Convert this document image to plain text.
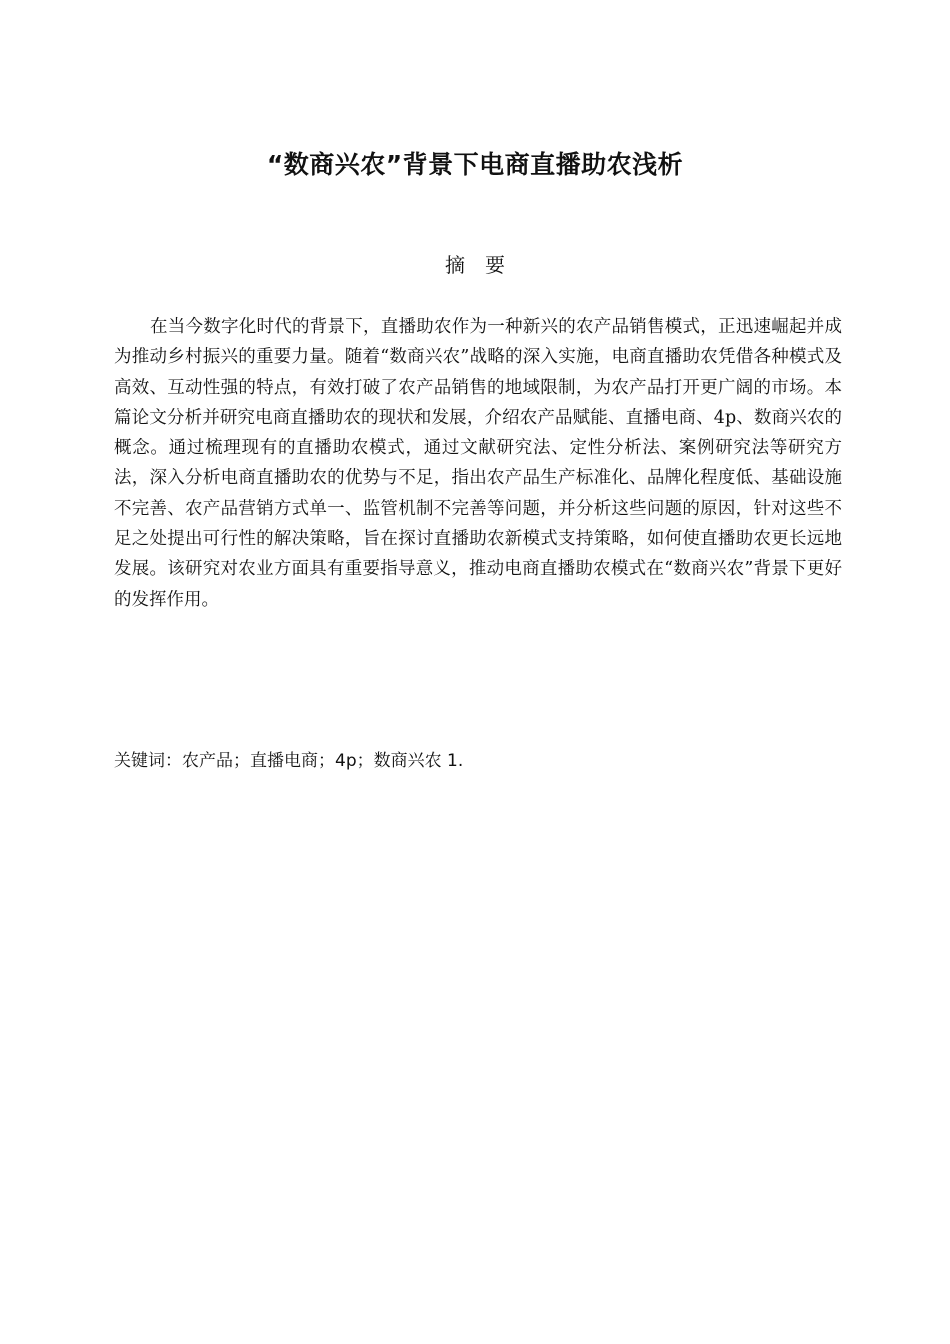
“数商兴农”背景下电商直播助农浅析
摘要

在当今数字化时代的背景下，直播助农作为一种新兴的农产品销售模式，正迅速崛起并成为推动乡村振兴的重要力量。随着“数商兴农”战略的深入实施，电商直播助农凭借各种模式及高效、互动性强的特点，有效打破了农产品销售的地域限制，为农产品打开更广阔的市场。本篇论文分析并研究电商直播助农的现状和发展，介绍农产品赋能、直播电商、4p、数商兴农的概念。通过梳理现有的直播助农模式，通过文献研究法、定性分析法、案例研究法等研究方法，深入分析电商直播助农的优势与不足，指出农产品生产标准化、品牌化程度低、基础设施不完善、农产品营销方式单一、监管机制不完善等问题，并分析这些问题的原因，针对这些不足之处提出可行性的解决策略，旨在探讨直播助农新模式支持策略，如何使直播助农更长远地发展。该研究对农业方面具有重要指导意义，推动电商直播助农模式在“数商兴农”背景下更好的发挥作用。

关键词：农产品；直播电商；4p；数商兴农 1.
